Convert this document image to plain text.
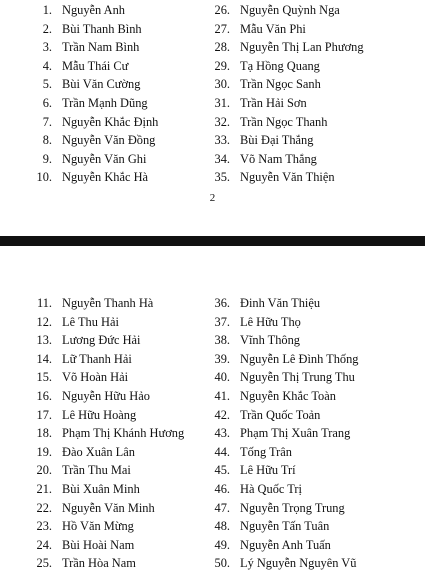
1. Nguyễn Anh
2. Bùi Thanh Bình
3. Trần Nam Bình
4. Mẫu Thái Cư
5. Bùi Văn Cường
6. Trần Mạnh Dũng
7. Nguyễn Khắc Định
8. Nguyễn Văn Đồng
9. Nguyễn Văn Ghi
10. Nguyễn Khắc Hà
26. Nguyễn Quỳnh Nga
27. Mẫu Văn Phi
28. Nguyễn Thị Lan Phương
29. Tạ Hồng Quang
30. Trần Ngọc Sanh
31. Trần Hải Sơn
32. Trần Ngọc Thanh
33. Bùi Đại Thắng
34. Võ Nam Thắng
35. Nguyễn Văn Thiện
2
11. Nguyễn Thanh Hà
12. Lê Thu Hải
13. Lương Đức Hải
14. Lữ Thanh Hải
15. Võ Hoàn Hải
16. Nguyễn Hữu Hảo
17. Lê Hữu Hoàng
18. Phạm Thị Khánh Hương
19. Đào Xuân Lân
20. Trần Thu Mai
21. Bùi Xuân Minh
22. Nguyễn Văn Minh
23. Hồ Văn Mừng
24. Bùi Hoài Nam
25. Trần Hòa Nam
36. Đinh Văn Thiệu
37. Lê Hữu Thọ
38. Vĩnh Thông
39. Nguyễn Lê Đình Thống
40. Nguyễn Thị Trung Thu
41. Nguyễn Khắc Toàn
42. Trần Quốc Toản
43. Phạm Thị Xuân Trang
44. Tống Trân
45. Lê Hữu Trí
46. Hà Quốc Trị
47. Nguyễn Trọng Trung
48. Nguyễn Tấn Tuân
49. Nguyễn Anh Tuấn
50. Lý Nguyễn Nguyên Vũ
